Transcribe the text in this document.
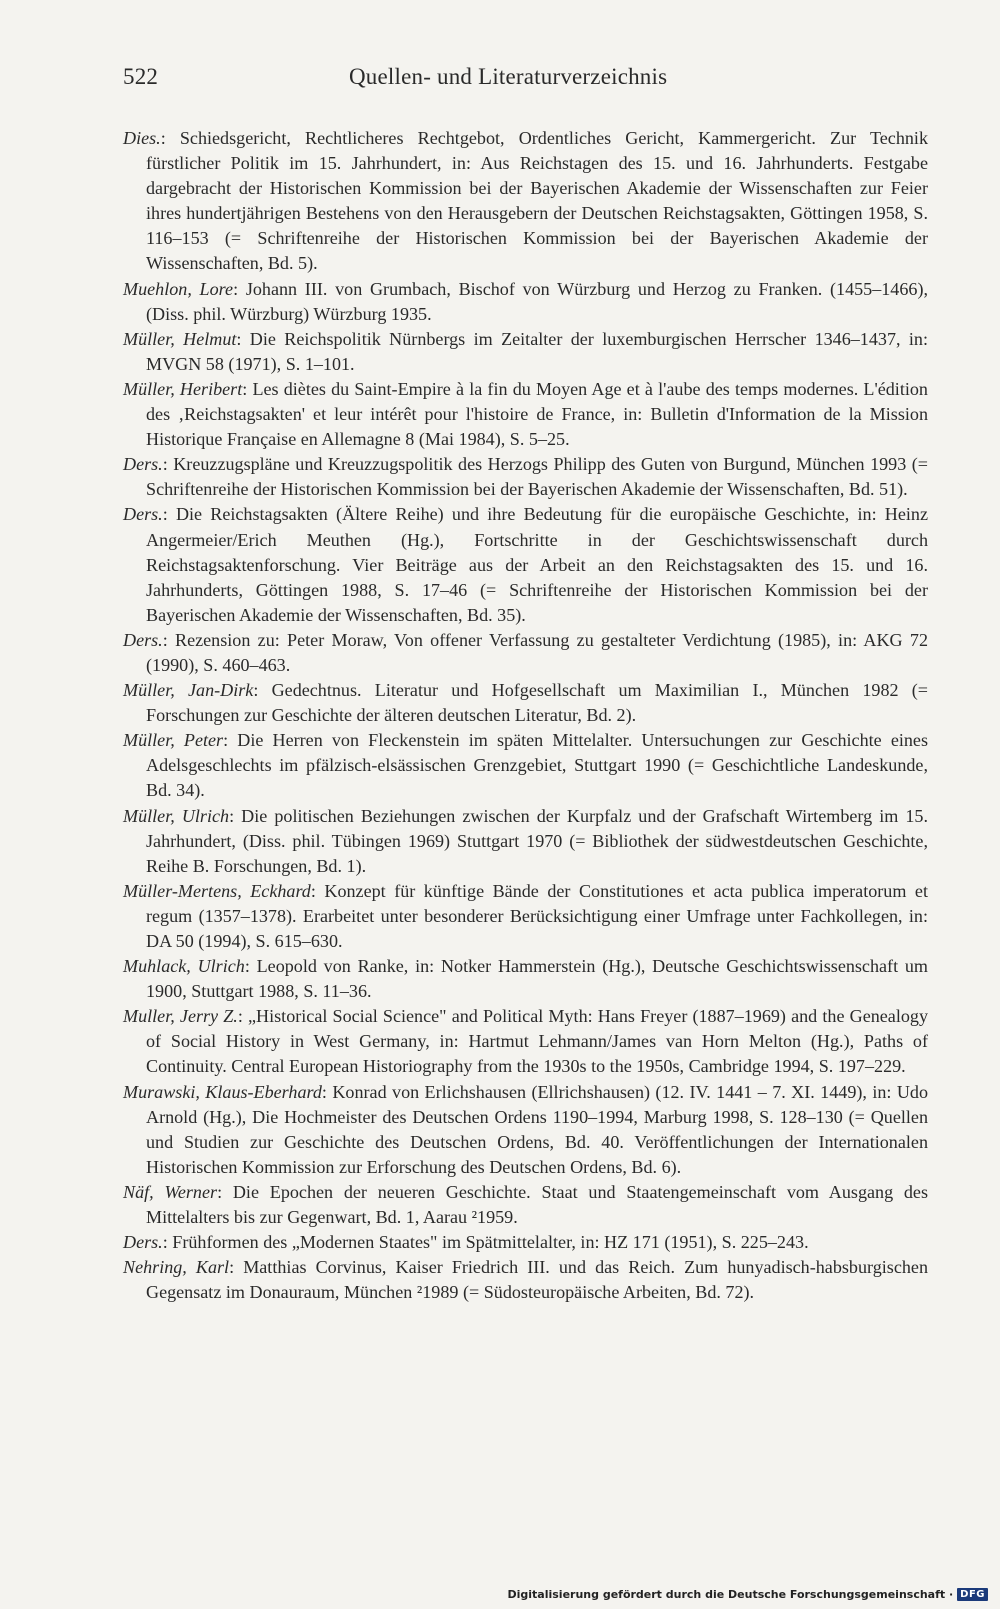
522	Quellen- und Literaturverzeichnis

Dies.: Schiedsgericht, Rechtlicheres Rechtgebot, Ordentliches Gericht, Kammergericht. Zur Technik fürstlicher Politik im 15. Jahrhundert, in: Aus Reichstagen des 15. und 16. Jahrhunderts. Festgabe dargebracht der Historischen Kommission bei der Bayerischen Akademie der Wissenschaften zur Feier ihres hundertjährigen Bestehens von den Herausgebern der Deutschen Reichstagsakten, Göttingen 1958, S. 116–153 (= Schriftenreihe der Historischen Kommission bei der Bayerischen Akademie der Wissenschaften, Bd. 5).

Muehlon, Lore: Johann III. von Grumbach, Bischof von Würzburg und Herzog zu Franken. (1455–1466), (Diss. phil. Würzburg) Würzburg 1935.

Müller, Helmut: Die Reichspolitik Nürnbergs im Zeitalter der luxemburgischen Herrscher 1346–1437, in: MVGN 58 (1971), S. 1–101.

Müller, Heribert: Les diètes du Saint-Empire à la fin du Moyen Age et à l'aube des temps modernes. L'édition des ‚Reichstagsakten' et leur intérêt pour l'histoire de France, in: Bulletin d'Information de la Mission Historique Française en Allemagne 8 (Mai 1984), S. 5–25.

Ders.: Kreuzzugspläne und Kreuzzugspolitik des Herzogs Philipp des Guten von Burgund, München 1993 (= Schriftenreihe der Historischen Kommission bei der Bayerischen Akademie der Wissenschaften, Bd. 51).

Ders.: Die Reichstagsakten (Ältere Reihe) und ihre Bedeutung für die europäische Geschichte, in: Heinz Angermeier/Erich Meuthen (Hg.), Fortschritte in der Geschichtswissenschaft durch Reichstagsaktenforschung. Vier Beiträge aus der Arbeit an den Reichstagsakten des 15. und 16. Jahrhunderts, Göttingen 1988, S. 17–46 (= Schriftenreihe der Historischen Kommission bei der Bayerischen Akademie der Wissenschaften, Bd. 35).

Ders.: Rezension zu: Peter Moraw, Von offener Verfassung zu gestalteter Verdichtung (1985), in: AKG 72 (1990), S. 460–463.

Müller, Jan-Dirk: Gedechtnus. Literatur und Hofgesellschaft um Maximilian I., München 1982 (= Forschungen zur Geschichte der älteren deutschen Literatur, Bd. 2).

Müller, Peter: Die Herren von Fleckenstein im späten Mittelalter. Untersuchungen zur Geschichte eines Adelsgeschlechts im pfälzisch-elsässischen Grenzgebiet, Stuttgart 1990 (= Geschichtliche Landeskunde, Bd. 34).

Müller, Ulrich: Die politischen Beziehungen zwischen der Kurpfalz und der Grafschaft Wirtemberg im 15. Jahrhundert, (Diss. phil. Tübingen 1969) Stuttgart 1970 (= Bibliothek der südwestdeutschen Geschichte, Reihe B. Forschungen, Bd. 1).

Müller-Mertens, Eckhard: Konzept für künftige Bände der Constitutiones et acta publica imperatorum et regum (1357–1378). Erarbeitet unter besonderer Berücksichtigung einer Umfrage unter Fachkollegen, in: DA 50 (1994), S. 615–630.

Muhlack, Ulrich: Leopold von Ranke, in: Notker Hammerstein (Hg.), Deutsche Geschichtswissenschaft um 1900, Stuttgart 1988, S. 11–36.

Muller, Jerry Z.: „Historical Social Science" and Political Myth: Hans Freyer (1887–1969) and the Genealogy of Social History in West Germany, in: Hartmut Lehmann/James van Horn Melton (Hg.), Paths of Continuity. Central European Historiography from the 1930s to the 1950s, Cambridge 1994, S. 197–229.

Murawski, Klaus-Eberhard: Konrad von Erlichshausen (Ellrichshausen) (12. IV. 1441 – 7. XI. 1449), in: Udo Arnold (Hg.), Die Hochmeister des Deutschen Ordens 1190–1994, Marburg 1998, S. 128–130 (= Quellen und Studien zur Geschichte des Deutschen Ordens, Bd. 40. Veröffentlichungen der Internationalen Historischen Kommission zur Erforschung des Deutschen Ordens, Bd. 6).

Näf, Werner: Die Epochen der neueren Geschichte. Staat und Staatengemeinschaft vom Ausgang des Mittelalters bis zur Gegenwart, Bd. 1, Aarau ²1959.

Ders.: Frühformen des „Modernen Staates" im Spätmittelalter, in: HZ 171 (1951), S. 225–243.

Nehring, Karl: Matthias Corvinus, Kaiser Friedrich III. und das Reich. Zum hunyadisch-habsburgischen Gegensatz im Donauraum, München ²1989 (= Südosteuropäische Arbeiten, Bd. 72).

Digitalisierung gefördert durch die Deutsche Forschungsgemeinschaft · DFG
